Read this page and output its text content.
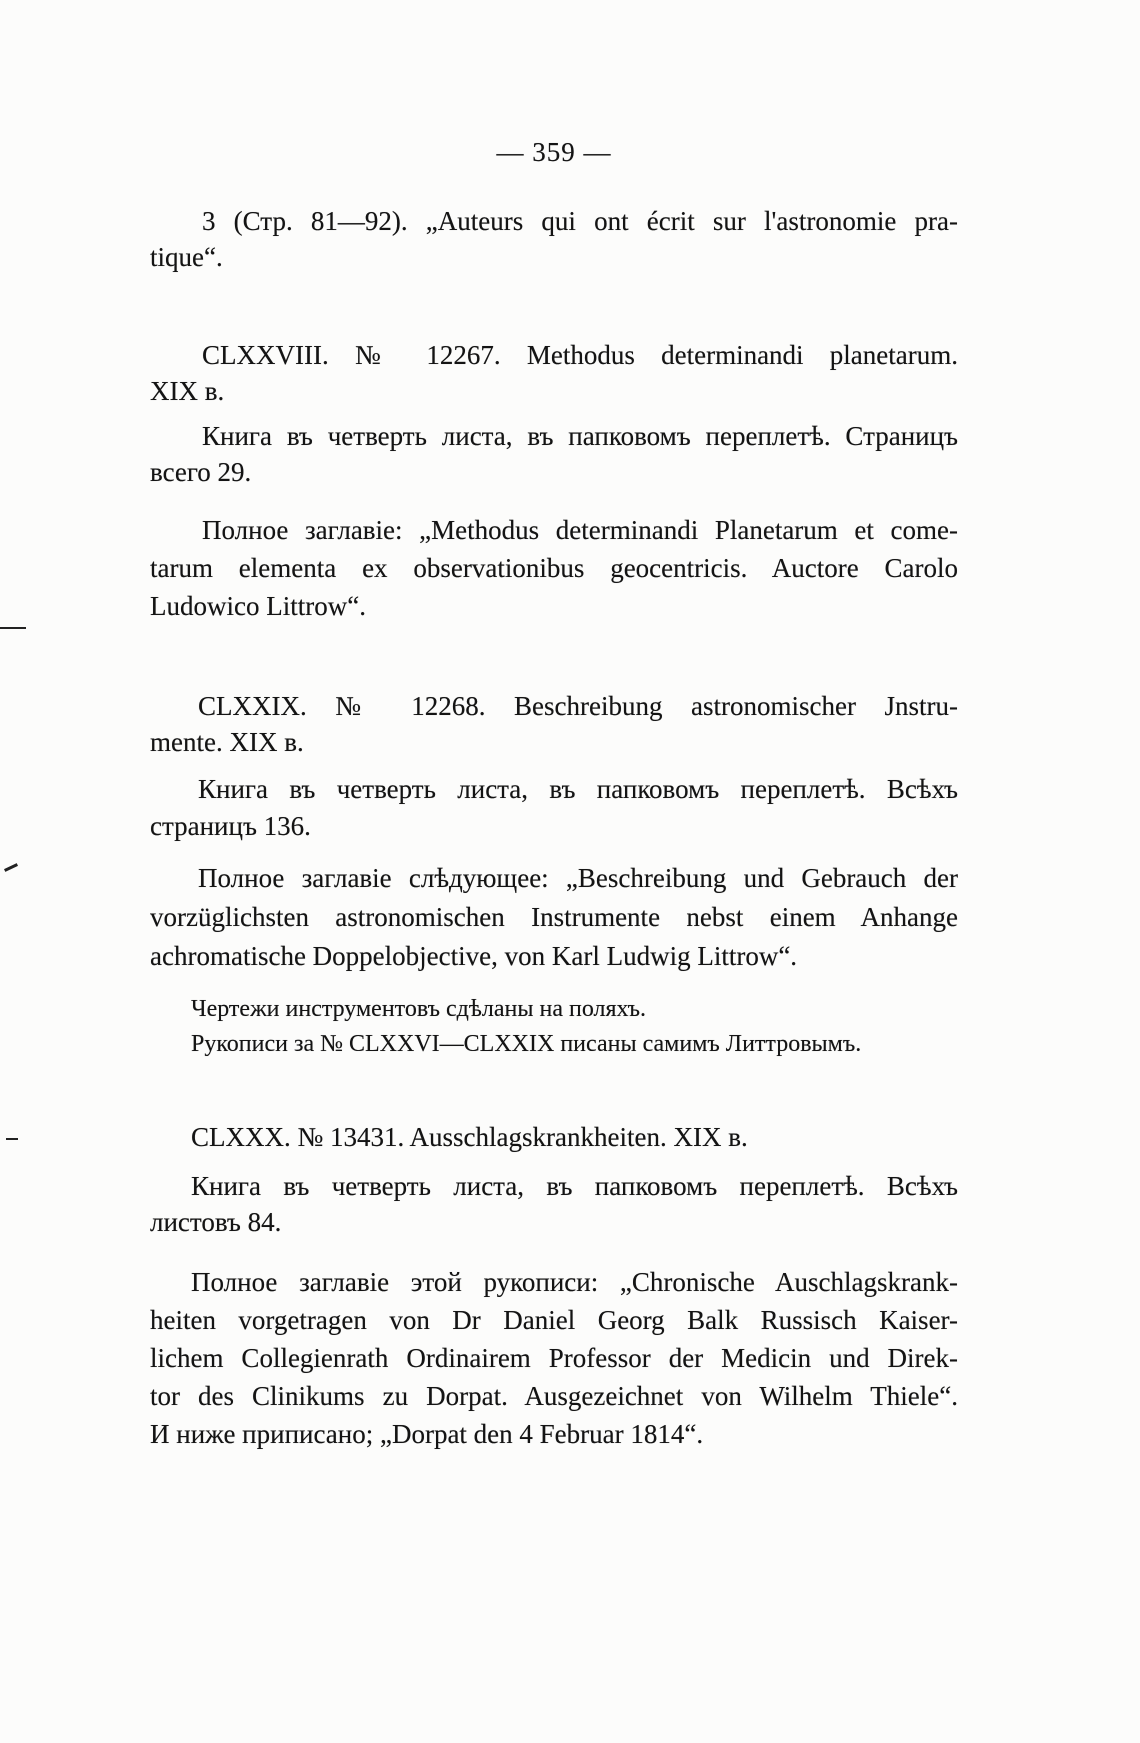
— 359 —
3 (Стр. 81—92). „Auteurs qui ont écrit sur l'astronomie pra-
tique“.
CLXXVIII. № 12267. Methodus determinandi planetarum.
XIX в.
Книга въ четверть листа, въ папковомъ переплетѣ. Страницъ
всего 29.
Полное заглавіе: „Methodus determinandi Planetarum et come-
tarum elementa ex observationibus geocentricis. Auctore Carolo
Ludowico Littrow“.
CLXXIX. № 12268. Beschreibung astronomischer Jnstru-
mente. XIX в.
Книга въ четверть листа, въ папковомъ переплетѣ. Всѣхъ
страницъ 136.
Полное заглавіе слѣдующее: „Beschreibung und Gebrauch der
vorzüglichsten astronomischen Instrumente nebst einem Anhange
achromatische Doppelobjective, von Karl Ludwig Littrow“.
Чертежи инструментовъ сдѣланы на поляхъ.
Рукописи за № CLXXVI—CLXXIX писаны самимъ Литтровымъ.
CLXXX. № 13431. Ausschlagskrankheiten. XIX в.
Книга въ четверть листа, въ папковомъ переплетѣ. Всѣхъ
листовъ 84.
Полное заглавіе этой рукописи: „Chronische Auschlagskrank-
heiten vorgetragen von Dr Daniel Georg Balk Russisch Kaiser-
lichem Collegienrath Ordinairem Professor der Medicin und Direk-
tor des Clinikums zu Dorpat. Ausgezeichnet von Wilhelm Thiele“.
И ниже приписано; „Dorpat den 4 Februar 1814“.
